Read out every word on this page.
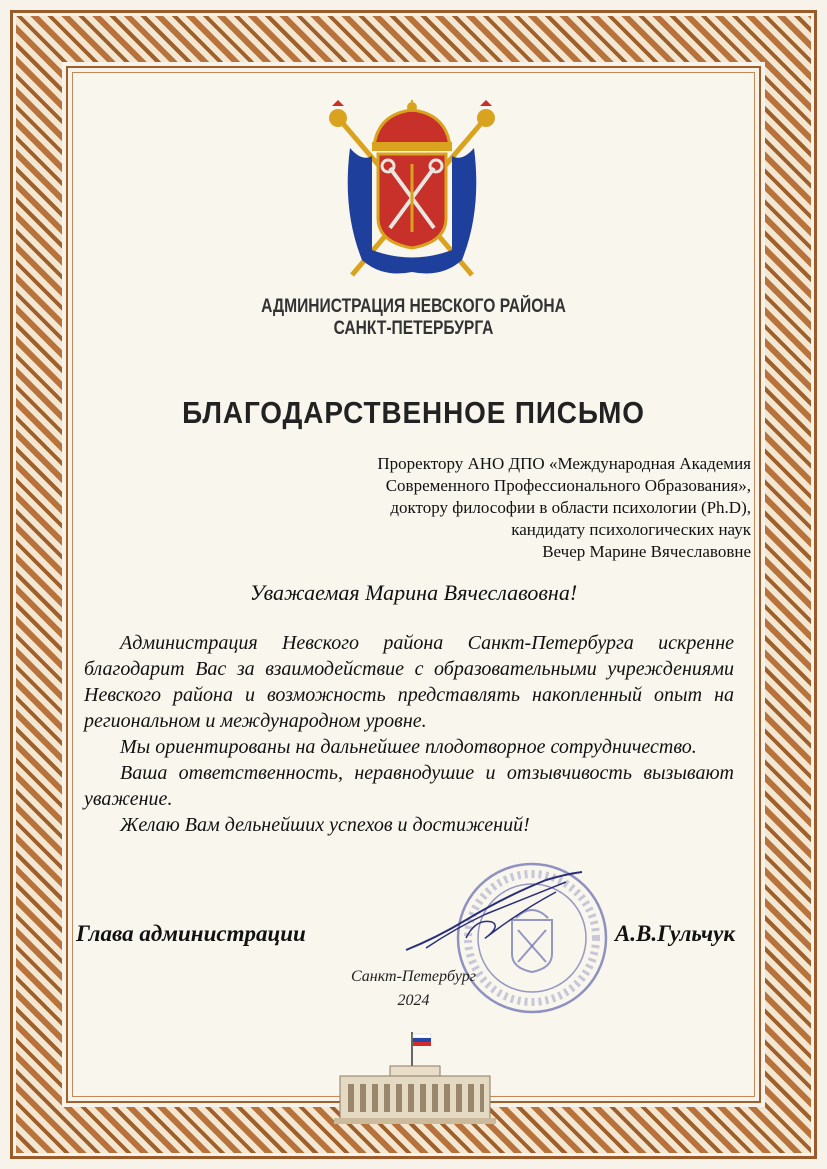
АДМИНИСТРАЦИЯ НЕВСКОГО РАЙОНА
САНКТ-ПЕТЕРБУРГА
БЛАГОДАРСТВЕННОЕ ПИСЬМО
Проректору АНО ДПО «Международная Академия
Современного Профессионального Образования»,
доктору философии в области психологии (Ph.D),
кандидату психологических наук
Вечер Марине Вячеславовне
Уважаемая Марина Вячеславовна!

Администрация Невского района Санкт-Петербурга искренне благодарит Вас за взаимодействие с образовательными учреждениями Невского района и возможность представлять накопленный опыт на региональном и международном уровне.

Мы ориентированы на дальнейшее плодотворное сотрудничество.

Ваша ответственность, неравнодушие и отзывчивость вызывают уважение.

Желаю Вам дельнейших успехов и достижений!

Глава администрации	А.В.Гульчук
Санкт-Петербург
2024
